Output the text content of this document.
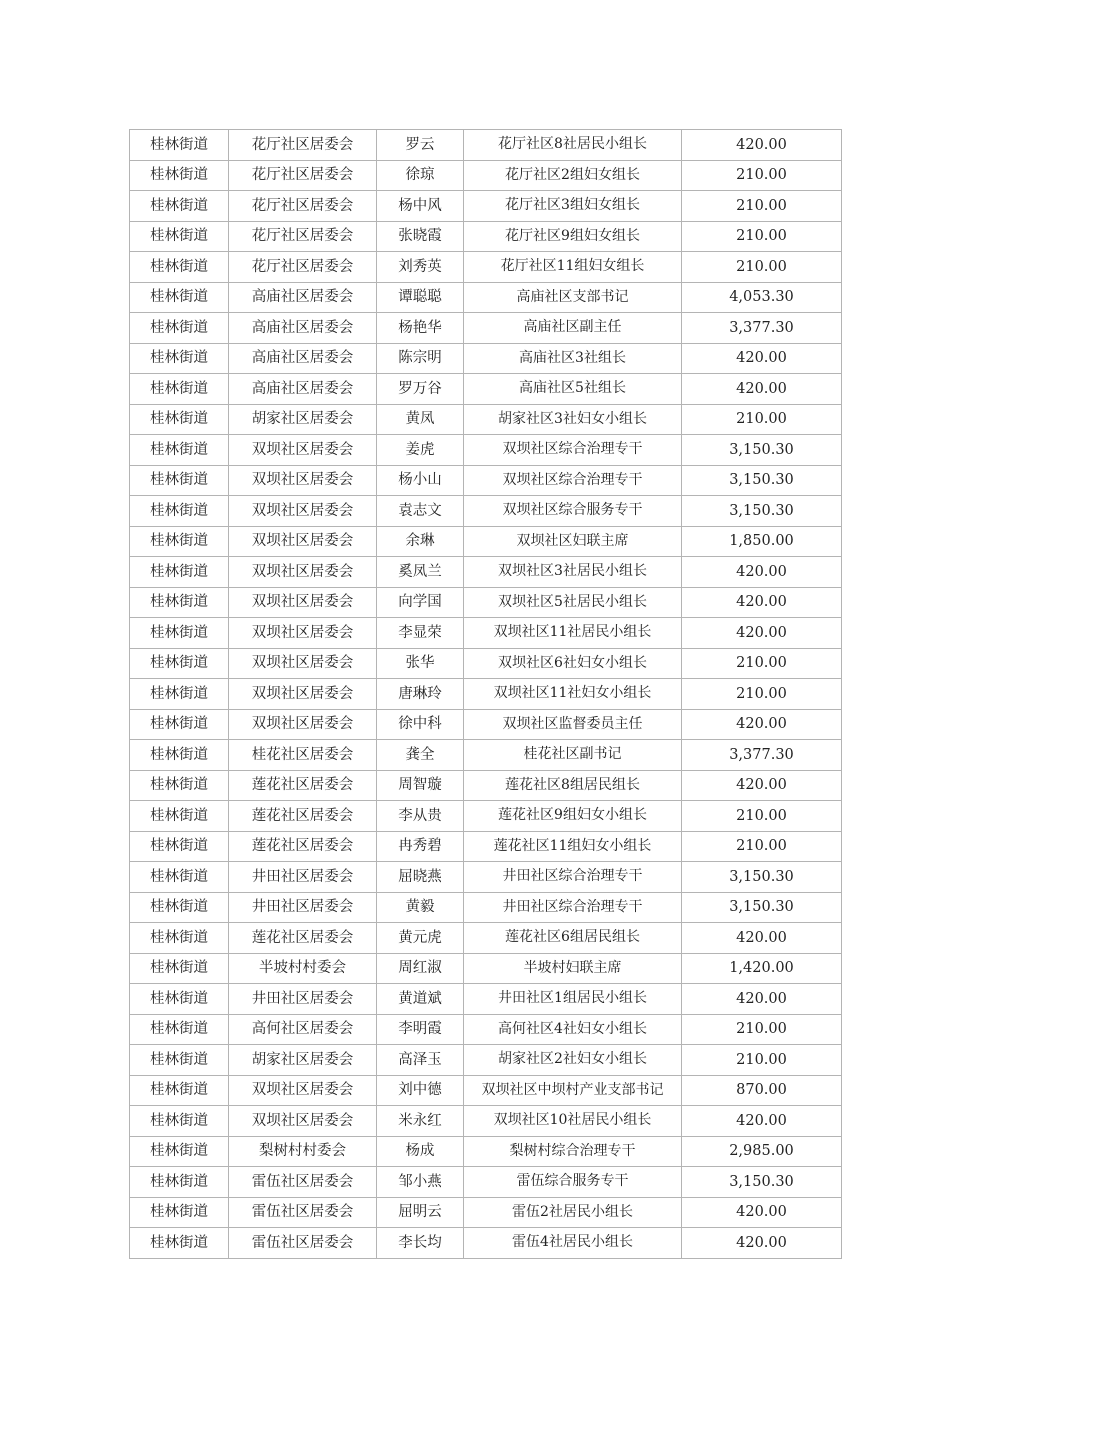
桂林街道	花厅社区居委会	罗云	花厅社区8社居民小组长	420.00
桂林街道	花厅社区居委会	徐琼	花厅社区2组妇女组长	210.00
桂林街道	花厅社区居委会	杨中风	花厅社区3组妇女组长	210.00
桂林街道	花厅社区居委会	张晓霞	花厅社区9组妇女组长	210.00
桂林街道	花厅社区居委会	刘秀英	花厅社区11组妇女组长	210.00
桂林街道	高庙社区居委会	谭聪聪	高庙社区支部书记	4,053.30
桂林街道	高庙社区居委会	杨艳华	高庙社区副主任	3,377.30
桂林街道	高庙社区居委会	陈宗明	高庙社区3社组长	420.00
桂林街道	高庙社区居委会	罗万谷	高庙社区5社组长	420.00
桂林街道	胡家社区居委会	黄凤	胡家社区3社妇女小组长	210.00
桂林街道	双坝社区居委会	姜虎	双坝社区综合治理专干	3,150.30
桂林街道	双坝社区居委会	杨小山	双坝社区综合治理专干	3,150.30
桂林街道	双坝社区居委会	袁志文	双坝社区综合服务专干	3,150.30
桂林街道	双坝社区居委会	余琳	双坝社区妇联主席	1,850.00
桂林街道	双坝社区居委会	奚凤兰	双坝社区3社居民小组长	420.00
桂林街道	双坝社区居委会	向学国	双坝社区5社居民小组长	420.00
桂林街道	双坝社区居委会	李显荣	双坝社区11社居民小组长	420.00
桂林街道	双坝社区居委会	张华	双坝社区6社妇女小组长	210.00
桂林街道	双坝社区居委会	唐琳玲	双坝社区11社妇女小组长	210.00
桂林街道	双坝社区居委会	徐中科	双坝社区监督委员主任	420.00
桂林街道	桂花社区居委会	龚全	桂花社区副书记	3,377.30
桂林街道	莲花社区居委会	周智璇	莲花社区8组居民组长	420.00
桂林街道	莲花社区居委会	李从贵	莲花社区9组妇女小组长	210.00
桂林街道	莲花社区居委会	冉秀碧	莲花社区11组妇女小组长	210.00
桂林街道	井田社区居委会	屈晓燕	井田社区综合治理专干	3,150.30
桂林街道	井田社区居委会	黄毅	井田社区综合治理专干	3,150.30
桂林街道	莲花社区居委会	黄元虎	莲花社区6组居民组长	420.00
桂林街道	半坡村村委会	周红淑	半坡村妇联主席	1,420.00
桂林街道	井田社区居委会	黄道斌	井田社区1组居民小组长	420.00
桂林街道	高何社区居委会	李明霞	高何社区4社妇女小组长	210.00
桂林街道	胡家社区居委会	高泽玉	胡家社区2社妇女小组长	210.00
桂林街道	双坝社区居委会	刘中德	双坝社区中坝村产业支部书记	870.00
桂林街道	双坝社区居委会	米永红	双坝社区10社居民小组长	420.00
桂林街道	梨树村村委会	杨成	梨树村综合治理专干	2,985.00
桂林街道	雷伍社区居委会	邹小燕	雷伍综合服务专干	3,150.30
桂林街道	雷伍社区居委会	屈明云	雷伍2社居民小组长	420.00
桂林街道	雷伍社区居委会	李长均	雷伍4社居民小组长	420.00
